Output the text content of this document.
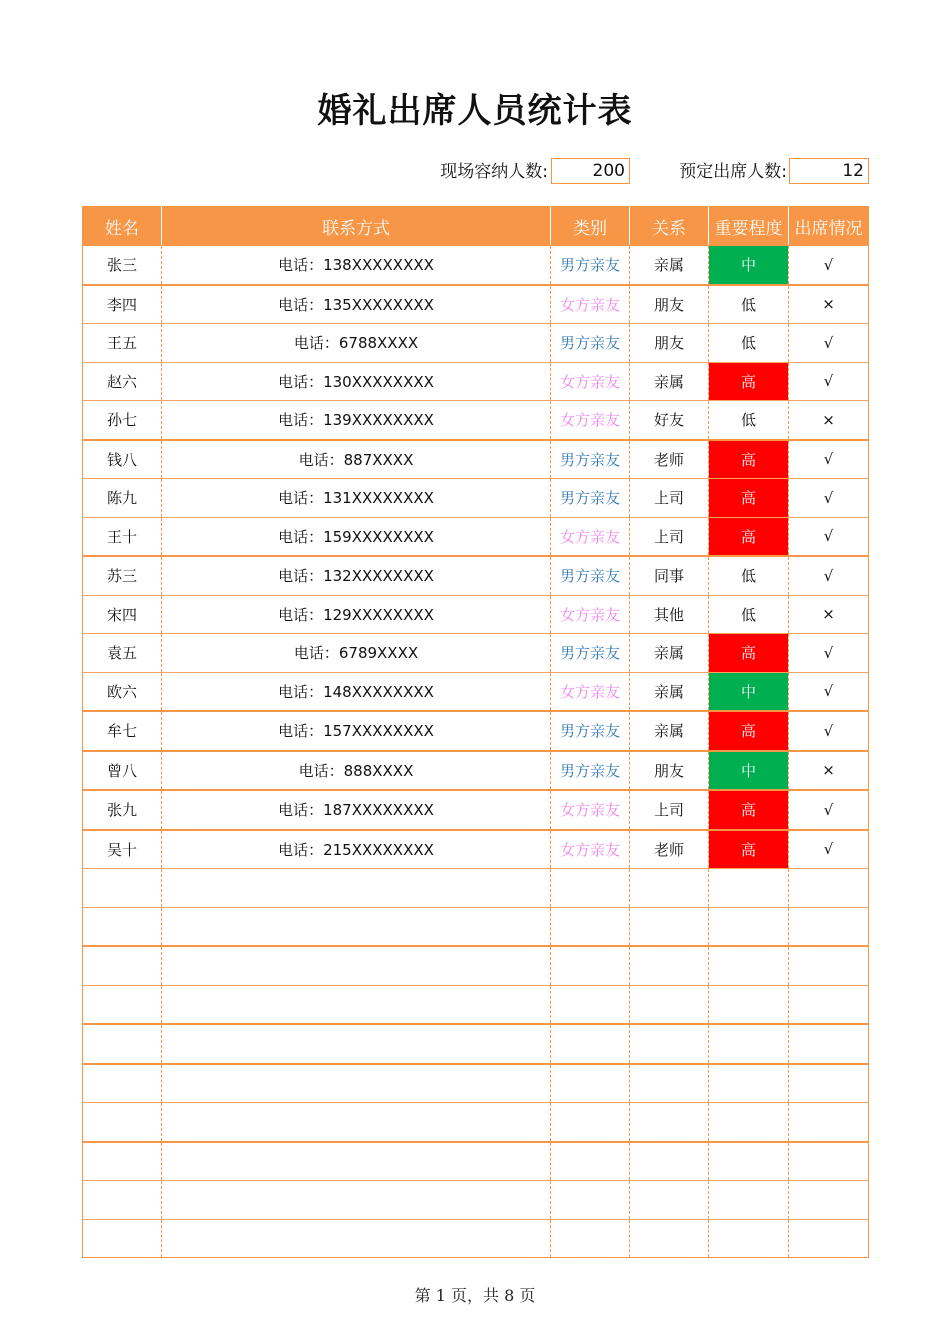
婚礼出席人员统计表
现场容纳人数:	200	预定出席人数:	12
姓名	联系方式	类别	关系	重要程度	出席情况
张三	电话：138XXXXXXXX	男方亲友	亲属	中	√
李四	电话：135XXXXXXXX	女方亲友	朋友	低	×
王五	电话：6788XXXX	男方亲友	朋友	低	√
赵六	电话：130XXXXXXXX	女方亲友	亲属	高	√
孙七	电话：139XXXXXXXX	女方亲友	好友	低	×
钱八	电话：887XXXX	男方亲友	老师	高	√
陈九	电话：131XXXXXXXX	男方亲友	上司	高	√
王十	电话：159XXXXXXXX	女方亲友	上司	高	√
苏三	电话：132XXXXXXXX	男方亲友	同事	低	√
宋四	电话：129XXXXXXXX	女方亲友	其他	低	×
袁五	电话：6789XXXX	男方亲友	亲属	高	√
欧六	电话：148XXXXXXXX	女方亲友	亲属	中	√
牟七	电话：157XXXXXXXX	男方亲友	亲属	高	√
曾八	电话：888XXXX	男方亲友	朋友	中	×
张九	电话：187XXXXXXXX	女方亲友	上司	高	√
吴十	电话：215XXXXXXXX	女方亲友	老师	高	√

第 1 页，共 8 页
